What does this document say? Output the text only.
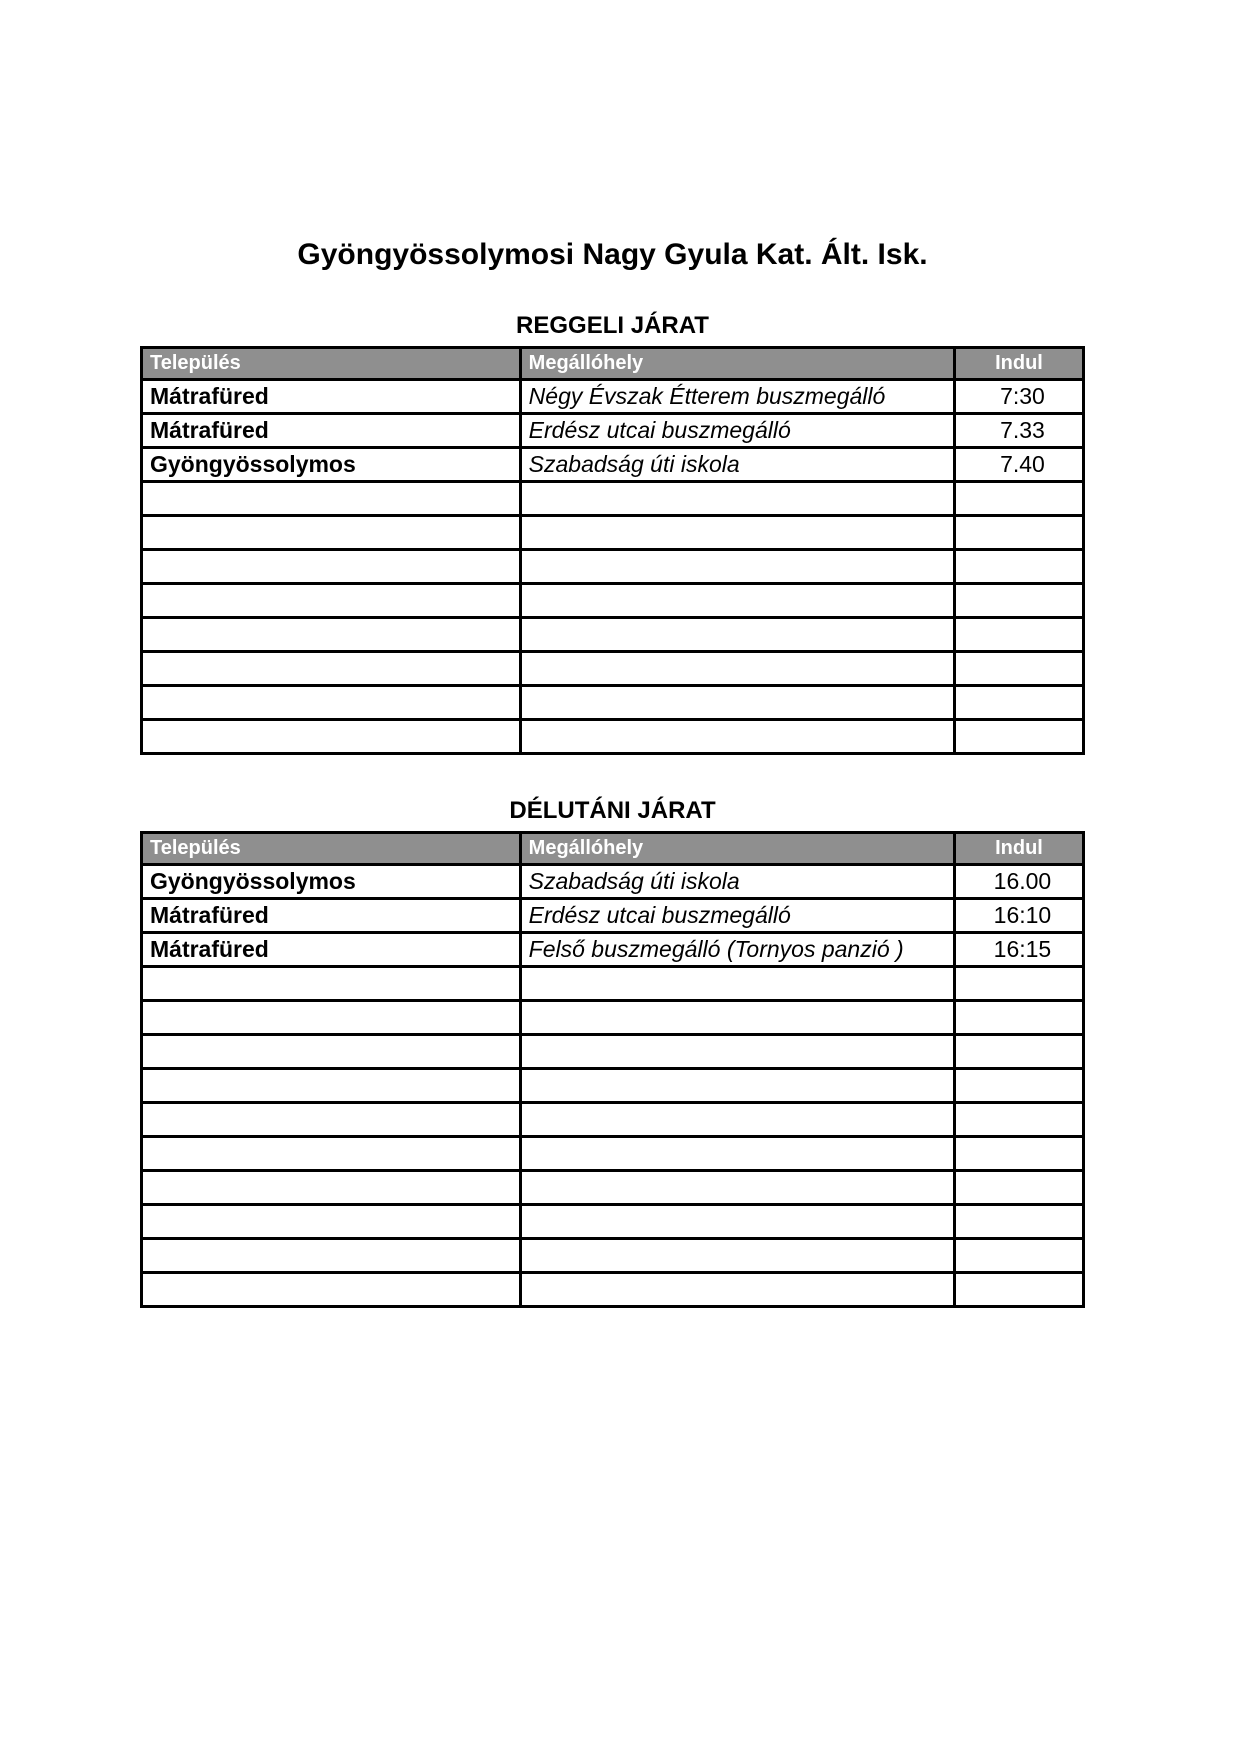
Gyöngyössolymosi Nagy Gyula Kat. Ált. Isk.
REGGELI JÁRAT
Település	Megállóhely	Indul
Mátrafüred	Négy Évszak Étterem buszmegálló	7:30
Mátrafüred	Erdész utcai buszmegálló	7.33
Gyöngyössolymos	Szabadság úti iskola	7.40

DÉLUTÁNI JÁRAT
Település	Megállóhely	Indul
Gyöngyössolymos	Szabadság úti iskola	16.00
Mátrafüred	Erdész utcai buszmegálló	16:10
Mátrafüred	Felső buszmegálló (Tornyos panzió )	16:15
